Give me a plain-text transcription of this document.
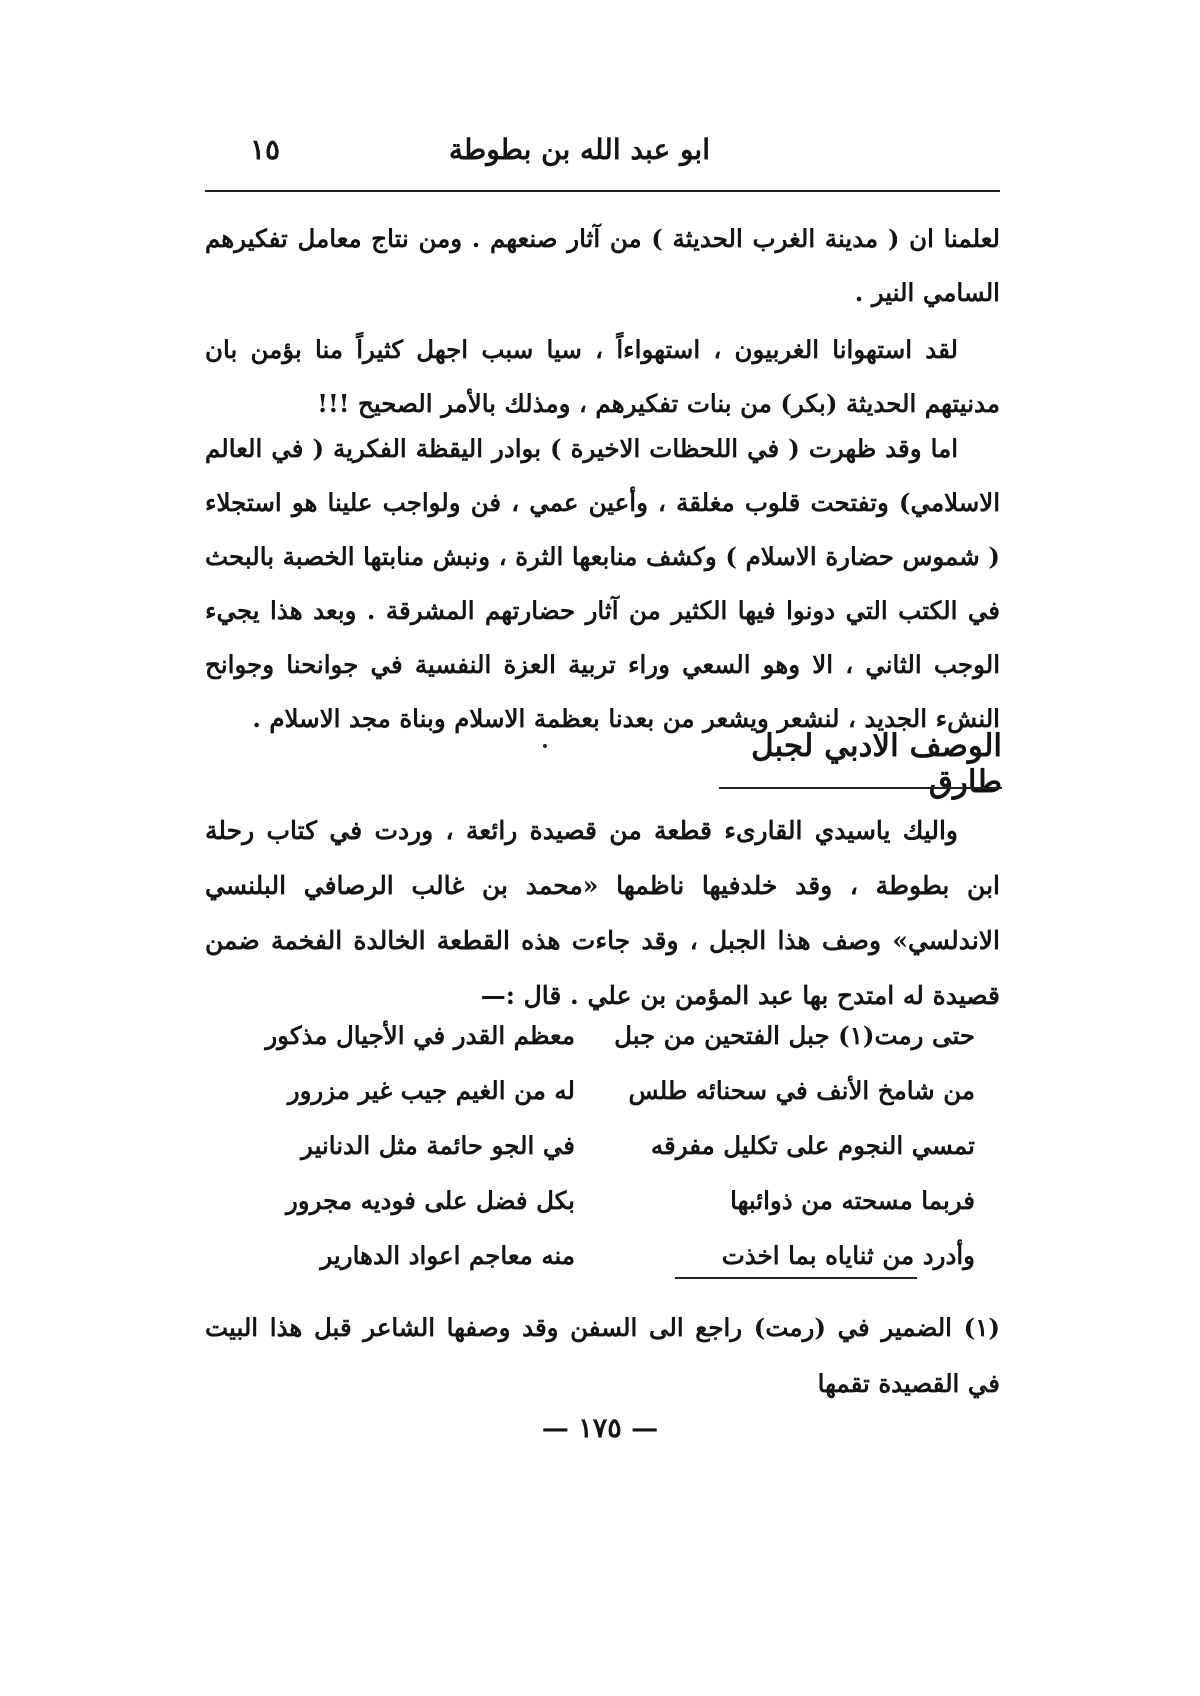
ابو عبد الله بن بطوطة
١٥

لعلمنا ان ( مدينة الغرب الحديثة ) من آثار صنعهم . ومن نتاج معامل تفكيرهم السامي النير .

لقد استهوانا الغربيون ، استهواءاً ، سيا سبب اجهل كثيراً منا بؤمن بان مدنيتهم الحديثة (بكر) من بنات تفكيرهم ، ومذلك بالأمر الصحيح !!!

اما وقد ظهرت ( في اللحظات الاخيرة ) بوادر اليقظة الفكرية ( في العالم الاسلامي) وتفتحت قلوب مغلقة ، وأعين عمي ، فن ولواجب علينا هو استجلاء ( شموس حضارة الاسلام ) وكشف منابعها الثرة ، ونبش منابتها الخصبة بالبحث في الكتب التي دونوا فيها الكثير من آثار حضارتهم المشرقة . وبعد هذا يجيء الوجب الثاني ، الا وهو السعي وراء تربية العزة النفسية في جوانحنا وجوانح النشء الجديد ، لنشعر ويشعر من بعدنا بعظمة الاسلام وبناة مجد الاسلام .

الوصف الادبي لجبل طارق

واليك ياسيدي القارىء قطعة من قصيدة رائعة ، وردت في كتاب رحلة ابن بطوطة ، وقد خلدفيها ناظمها «محمد بن غالب الرصافي البلنسي الاندلسي» وصف هذا الجبل ، وقد جاءت هذه القطعة الخالدة الفخمة ضمن قصيدة له امتدح بها عبد المؤمن بن علي . قال :—

حتى رمت(١) جبل الفتحين من جبل
معظم القدر في الأجيال مذكور
من شامخ الأنف في سحنائه طلس
له من الغيم جيب غير مزرور
تمسي النجوم على تكليل مفرقه
في الجو حائمة مثل الدنانير
فربما مسحته من ذوائبها
بكل فضل على فوديه مجرور
وأدرد من ثناياه بما اخذت
منه معاجم اعواد الدهارير

(١) الضمير في (رمت) راجع الى السفن وقد وصفها الشاعر قبل هذا البيت في القصيدة تقمها

— ١٧٥ —
